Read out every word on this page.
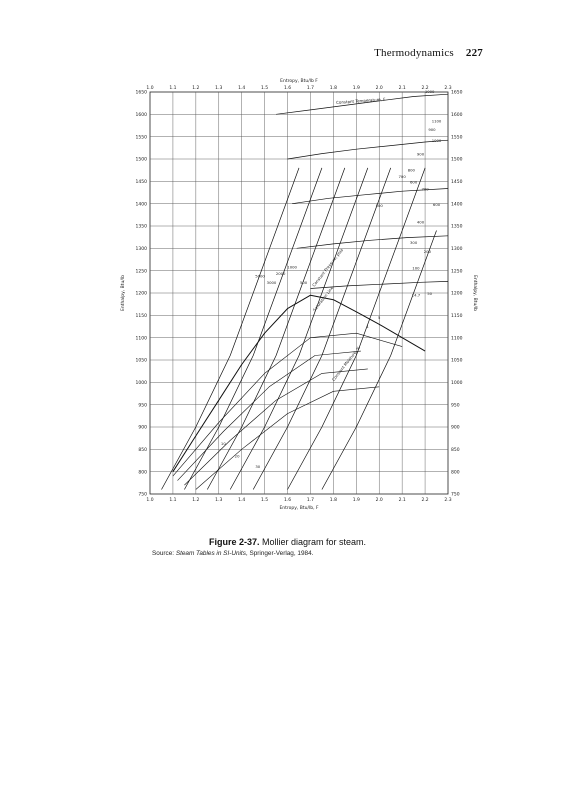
Thermodynamics 227
1.0
1.0
1.1
1.1
1.2
1.2
1.3
1.3
1.4
1.4
1.5
1.5
1.6
1.6
1.7
1.7
1.8
1.8
1.9
1.9
2.0
2.0
2.1
2.1
2.2
2.2
2.3
2.3
1650	1650
1600	1600
1550	1550
1500	1500
1450	1450
1400	1400
1350	1350
1300	1300
1250	1250
1200	1200
1150	1150
1100	1100
1050	1050
1000	1000
950	950
900	900
850	850
800	800
750	750
Constant Temperature, F
Constant Pressure, psia
Saturation Line
Constant Moisture, %
1000
1100
900
1000
900
800
700
600
700
600
500
400
300
200
100
50
14.7
5
1
10
20
30
5000
3000
2000
1000
500
Entropy, Btu/lb F
Entropy, Btu/lb, F
Enthalpy, Btu/lb	Enthalpy, Btu/lb
Figure 2-37. Mollier diagram for steam.
Source: Steam Tables in SI-Units, Springer-Verlag, 1984.
